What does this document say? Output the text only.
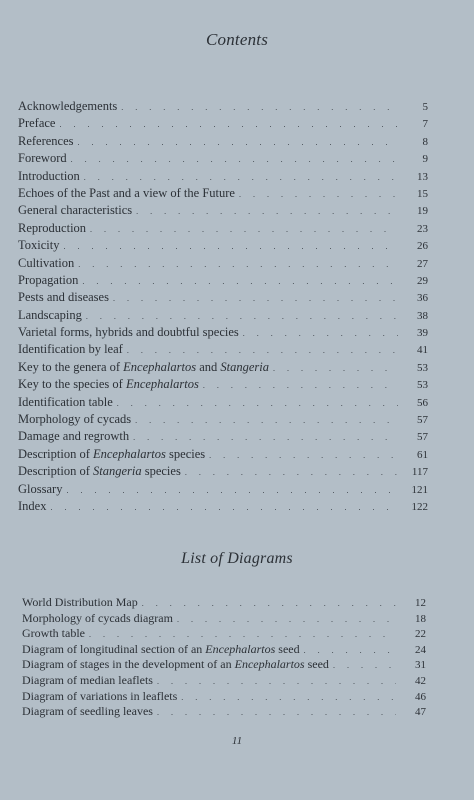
Contents
Acknowledgements . . .	5
Preface . . .	7
References . . .	8
Foreword . . .	9
Introduction . . .	13
Echoes of the Past and a view of the Future . . .	15
General characteristics . . .	19
Reproduction . . .	23
Toxicity . . .	26
Cultivation . . .	27
Propagation . . .	29
Pests and diseases . . .	36
Landscaping . . .	38
Varietal forms, hybrids and doubtful species . . .	39
Identification by leaf . . .	41
Key to the genera of Encephalartos and Stangeria . . .	53
Key to the species of Encephalartos . . .	53
Identification table . . .	56
Morphology of cycads . . .	57
Damage and regrowth . . .	57
Description of Encephalartos species . . .	61
Description of Stangeria species . . .	117
Glossary . . .	121
Index . . .	122
List of Diagrams
World Distribution Map . . .	12
Morphology of cycads diagram . . .	18
Growth table . . .	22
Diagram of longitudinal section of an Encephalartos seed . . .	24
Diagram of stages in the development of an Encephalartos seed . . .	31
Diagram of median leaflets . . .	42
Diagram of variations in leaflets . . .	46
Diagram of seedling leaves . . .	47
11
